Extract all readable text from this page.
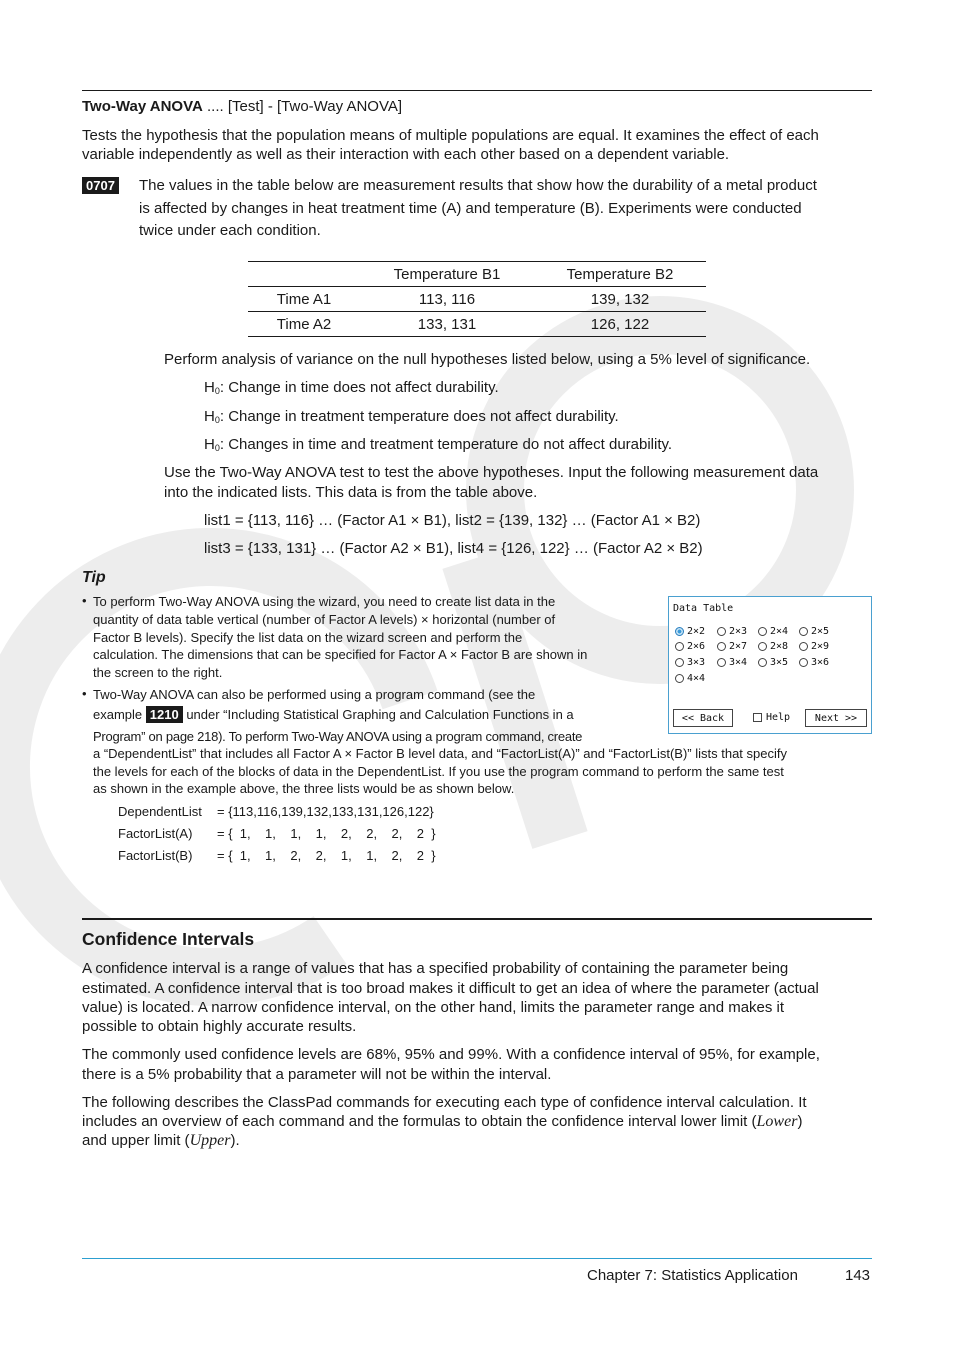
Two-Way ANOVA .... [Test] - [Two-Way ANOVA]

Tests the hypothesis that the population means of multiple populations are equal. It examines the effect of each

variable independently as well as their interaction with each other based on a dependent variable.

0707 The values in the table below are measurement results that show how the durability of a metal product

is affected by changes in heat treatment time (A) and temperature (B). Experiments were conducted

twice under each condition.

	Temperature B1	Temperature B2
Time A1	113, 116	139, 132
Time A2	133, 131	126, 122

Perform analysis of variance on the null hypotheses listed below, using a 5% level of significance.

$H_0$: Change in time does not affect durability.

$H_0$: Change in treatment temperature does not affect durability.

$H_0$: Changes in time and treatment temperature do not affect durability.

Use the Two-Way ANOVA test to test the above hypotheses. Input the following measurement data

into the indicated lists. This data is from the table above.

list1 = {113, 116} … (Factor A1 × B1), list2 = {139, 132} … (Factor A1 × B2)

list3 = {133, 131} … (Factor A2 × B1), list4 = {126, 122} … (Factor A2 × B2)

Tip

• To perform Two-Way ANOVA using the wizard, you need to create list data in the

quantity of data table vertical (number of Factor A levels) × horizontal (number of

Factor B levels). Specify the list data on the wizard screen and perform the

calculation. The dimensions that can be specified for Factor A × Factor B are shown in

the screen to the right.

• Two-Way ANOVA can also be performed using a program command (see the

example 1210 under “Including Statistical Graphing and Calculation Functions in a

Program” on page 218). To perform Two-Way ANOVA using a program command, create

a “DependentList” that includes all Factor A × Factor B level data, and “FactorList(A)” and “FactorList(B)” lists that specify

the levels for each of the blocks of data in the DependentList. If you use the program command to perform the same test

as shown in the example above, the three lists would be as shown below.

DependentList = {113,116,139,132,133,131,126,122}

FactorList(A) = {  1,    1,    1,    1,    2,    2,    2,    2  }

FactorList(B) = {  1,    1,    2,    2,    1,    1,    2,    2  }

Data Table
2×2 2×3 2×4 2×5
2×6 2×7 2×8 2×9
3×3 3×4 3×5 3×6
4×4
<< Back	Help	Next >>

Confidence Intervals

A confidence interval is a range of values that has a specified probability of containing the parameter being

estimated. A confidence interval that is too broad makes it difficult to get an idea of where the parameter (actual

value) is located. A narrow confidence interval, on the other hand, limits the parameter range and makes it

possible to obtain highly accurate results.

The commonly used confidence levels are 68%, 95% and 99%. With a confidence interval of 95%, for example,

there is a 5% probability that a parameter will not be within the interval.

The following describes the ClassPad commands for executing each type of confidence interval calculation. It

includes an overview of each command and the formulas to obtain the confidence interval lower limit (Lower)

and upper limit (Upper).

Chapter 7: Statistics Application	143
